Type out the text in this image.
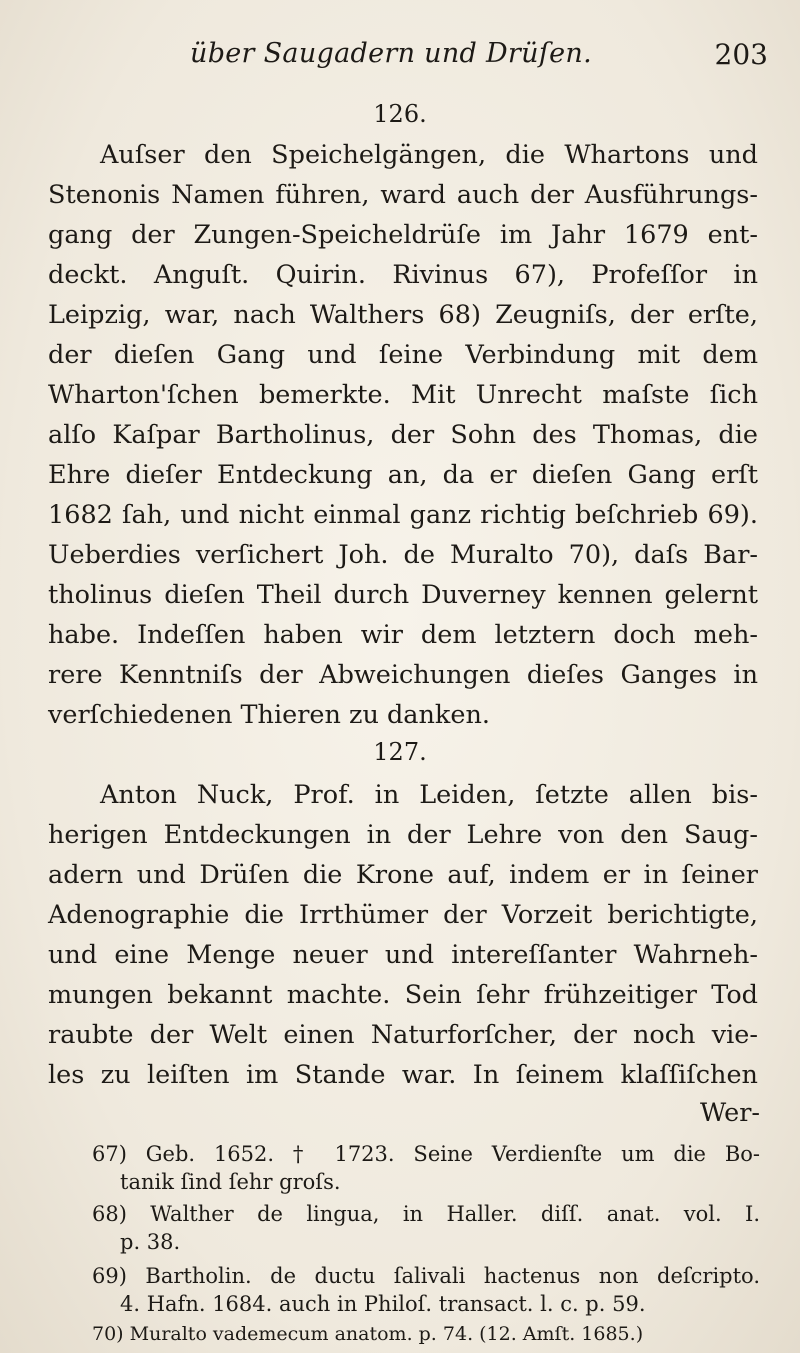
über Saugadern und Drüſen.	203
126.
Auſser den Speichelgängen, die Whartons und
Stenonis Namen führen, ward auch der Ausführungs-
gang der Zungen-Speicheldrüſe im Jahr 1679 ent-
deckt. Anguſt. Quirin. Rivinus 67), Profeſſor in
Leipzig, war, nach Walthers 68) Zeugniſs, der erſte,
der dieſen Gang und ſeine Verbindung mit dem
Wharton'ſchen bemerkte. Mit Unrecht maſste ſich
alſo Kaſpar Bartholinus, der Sohn des Thomas, die
Ehre dieſer Entdeckung an, da er dieſen Gang erſt
1682 ſah, und nicht einmal ganz richtig beſchrieb 69).
Ueberdies verſichert Joh. de Muralto 70), daſs Bar-
tholinus dieſen Theil durch Duverney kennen gelernt
habe. Indeſſen haben wir dem letztern doch meh-
rere Kenntniſs der Abweichungen dieſes Ganges in
verſchiedenen Thieren zu danken.
127.
Anton Nuck, Prof. in Leiden, ſetzte allen bis-
herigen Entdeckungen in der Lehre von den Saug-
adern und Drüſen die Krone auf, indem er in ſeiner
Adenographie die Irrthümer der Vorzeit berichtigte,
und eine Menge neuer und intereſſanter Wahrneh-
mungen bekannt machte. Sein ſehr frühzeitiger Tod
raubte der Welt einen Naturforſcher, der noch vie-
les zu leiſten im Stande war. In ſeinem klaſſiſchen
Wer-
67) Geb. 1652. † 1723. Seine Verdienſte um die Bo-
tanik ſind ſehr groſs.
68) Walther de lingua, in Haller. diſſ. anat. vol. I.
p. 38.
69) Bartholin. de ductu ſalivali hactenus non deſcripto.
4. Hafn. 1684. auch in Philoſ. transact. l. c. p. 59.
70) Muralto vademecum anatom. p. 74. (12. Amſt. 1685.)
